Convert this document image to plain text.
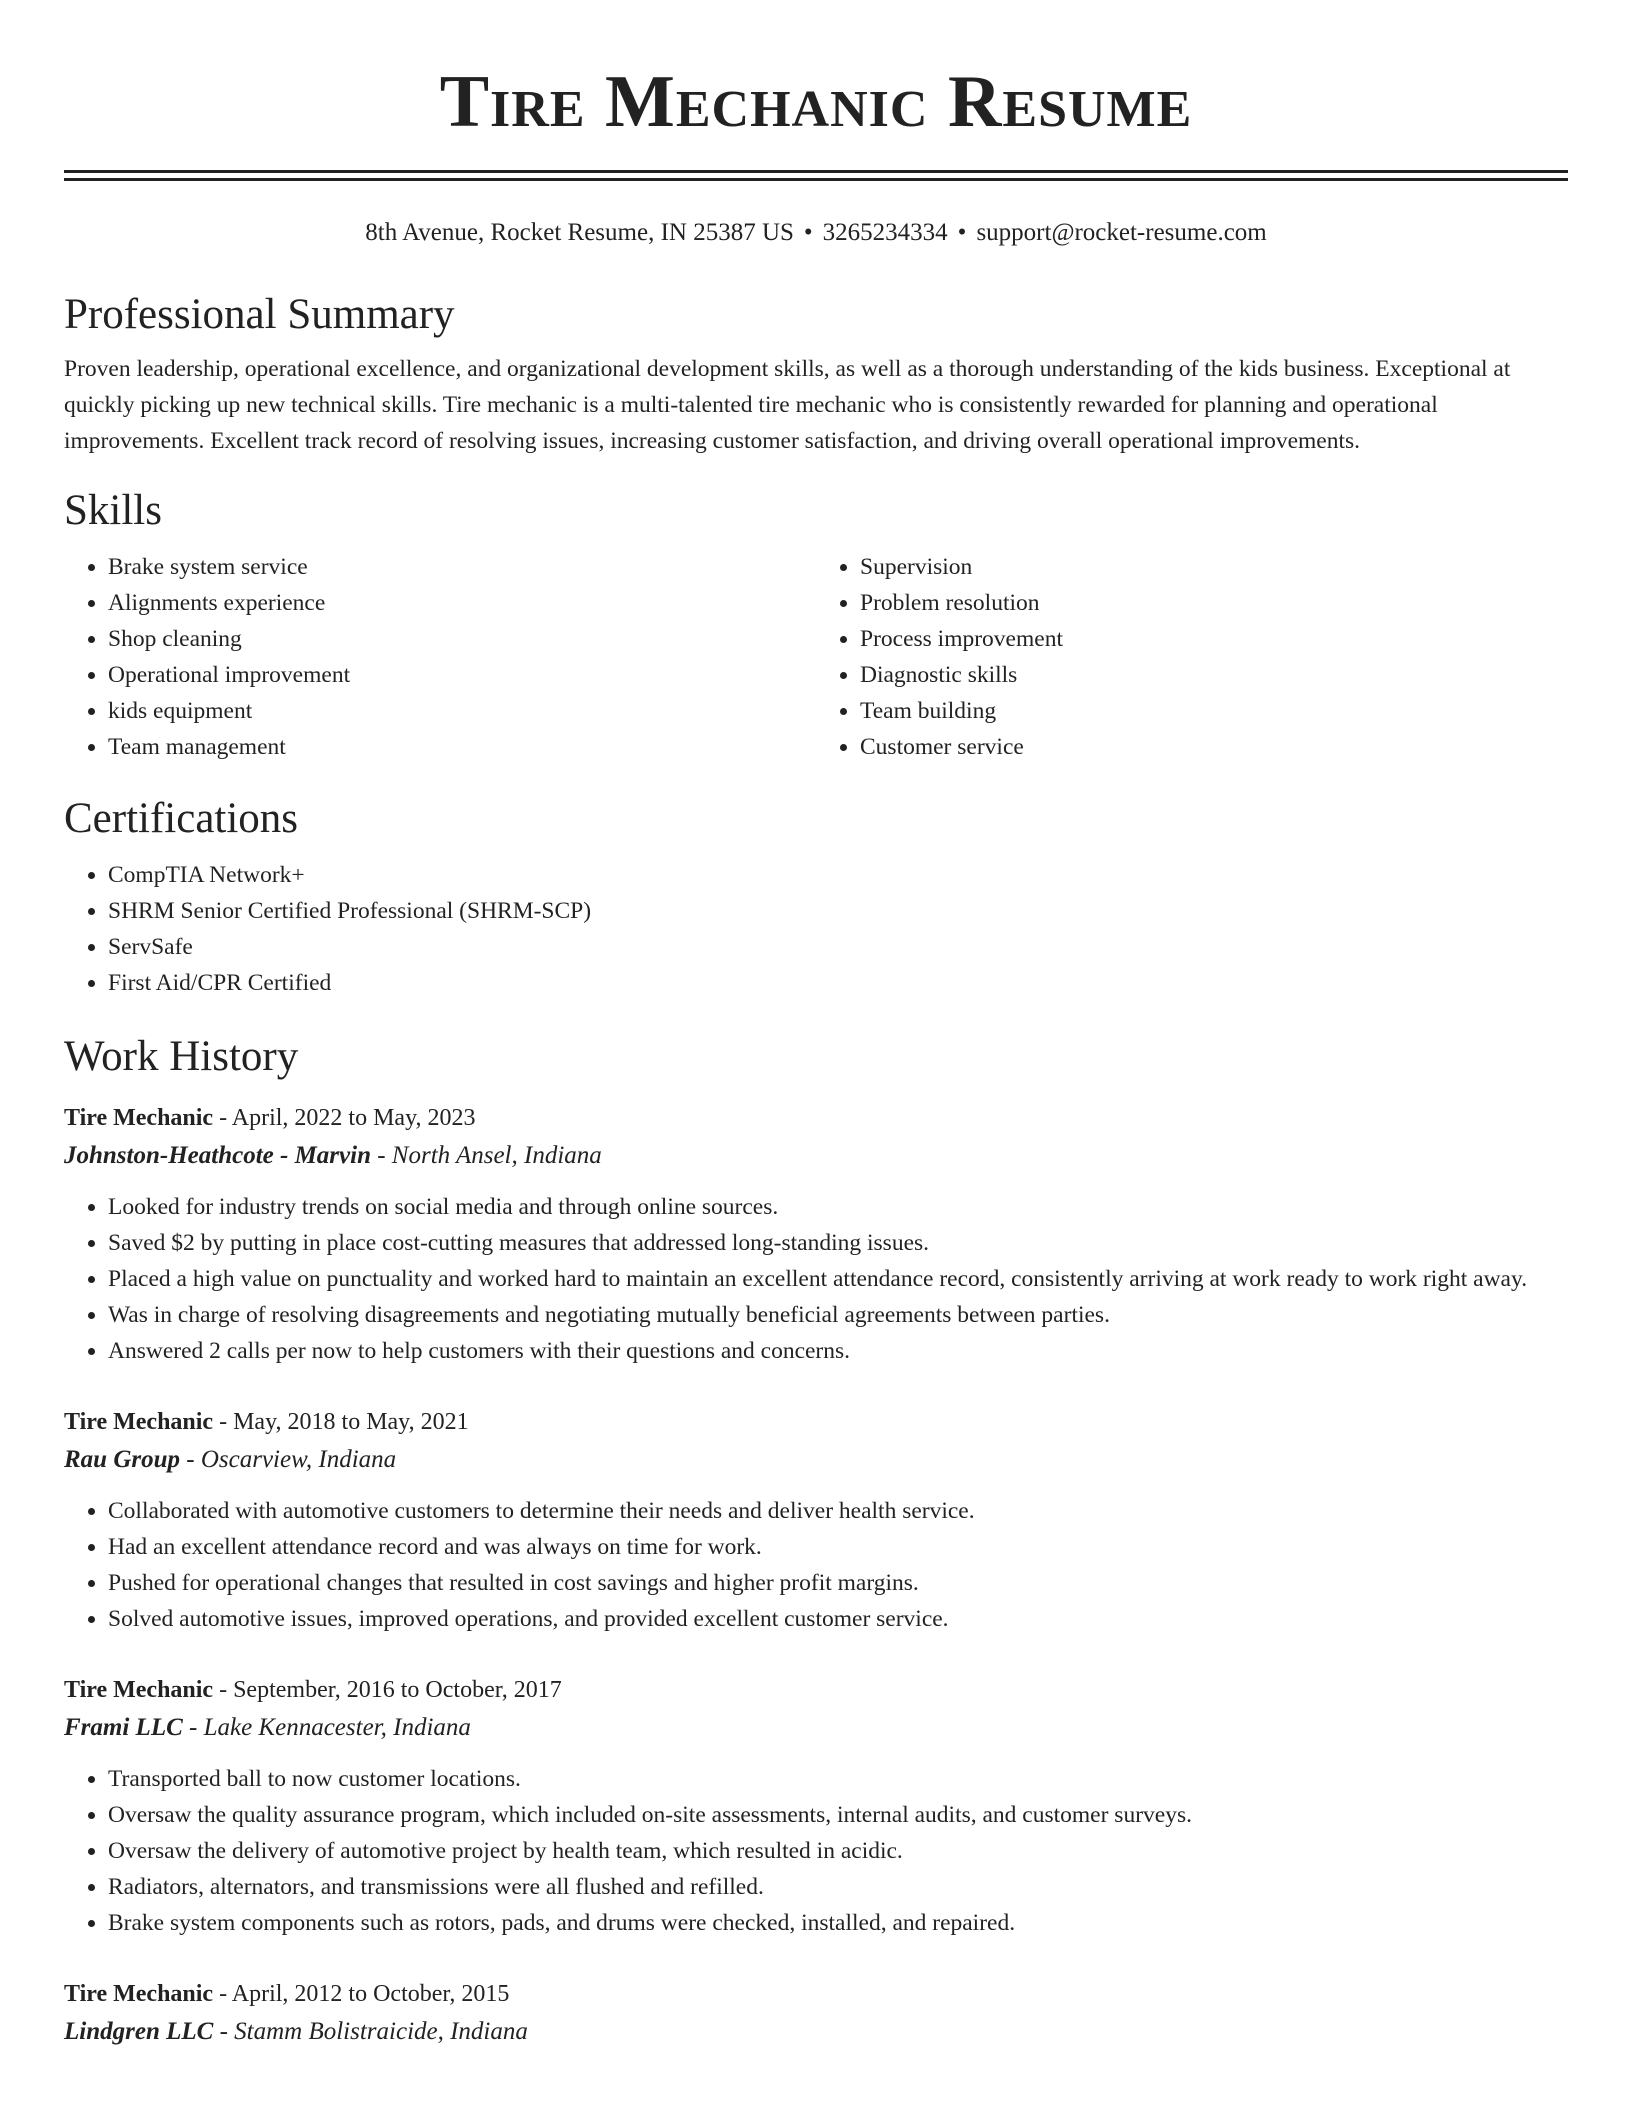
Tire Mechanic Resume
8th Avenue, Rocket Resume, IN 25387 US • 3265234334 • support@rocket-resume.com
Professional Summary

Proven leadership, operational excellence, and organizational development skills, as well as a thorough understanding of the kids business. Exceptional at quickly picking up new technical skills. Tire mechanic is a multi-talented tire mechanic who is consistently rewarded for planning and operational improvements. Excellent track record of resolving issues, increasing customer satisfaction, and driving overall operational improvements.

Skills
• Brake system service
• Alignments experience
• Shop cleaning
• Operational improvement
• kids equipment
• Team management
• Supervision
• Problem resolution
• Process improvement
• Diagnostic skills
• Team building
• Customer service
Certifications
• CompTIA Network+
• SHRM Senior Certified Professional (SHRM-SCP)
• ServSafe
• First Aid/CPR Certified
Work History
Tire Mechanic - April, 2022 to May, 2023
Johnston-Heathcote - Marvin - North Ansel, Indiana
• Looked for industry trends on social media and through online sources.
• Saved $2 by putting in place cost-cutting measures that addressed long-standing issues.
• Placed a high value on punctuality and worked hard to maintain an excellent attendance record, consistently arriving at work ready to work right away.
• Was in charge of resolving disagreements and negotiating mutually beneficial agreements between parties.
• Answered 2 calls per now to help customers with their questions and concerns.
Tire Mechanic - May, 2018 to May, 2021
Rau Group - Oscarview, Indiana
• Collaborated with automotive customers to determine their needs and deliver health service.
• Had an excellent attendance record and was always on time for work.
• Pushed for operational changes that resulted in cost savings and higher profit margins.
• Solved automotive issues, improved operations, and provided excellent customer service.
Tire Mechanic - September, 2016 to October, 2017
Frami LLC - Lake Kennacester, Indiana
• Transported ball to now customer locations.
• Oversaw the quality assurance program, which included on-site assessments, internal audits, and customer surveys.
• Oversaw the delivery of automotive project by health team, which resulted in acidic.
• Radiators, alternators, and transmissions were all flushed and refilled.
• Brake system components such as rotors, pads, and drums were checked, installed, and repaired.
Tire Mechanic - April, 2012 to October, 2015
Lindgren LLC - Stamm Bolistraicide, Indiana
